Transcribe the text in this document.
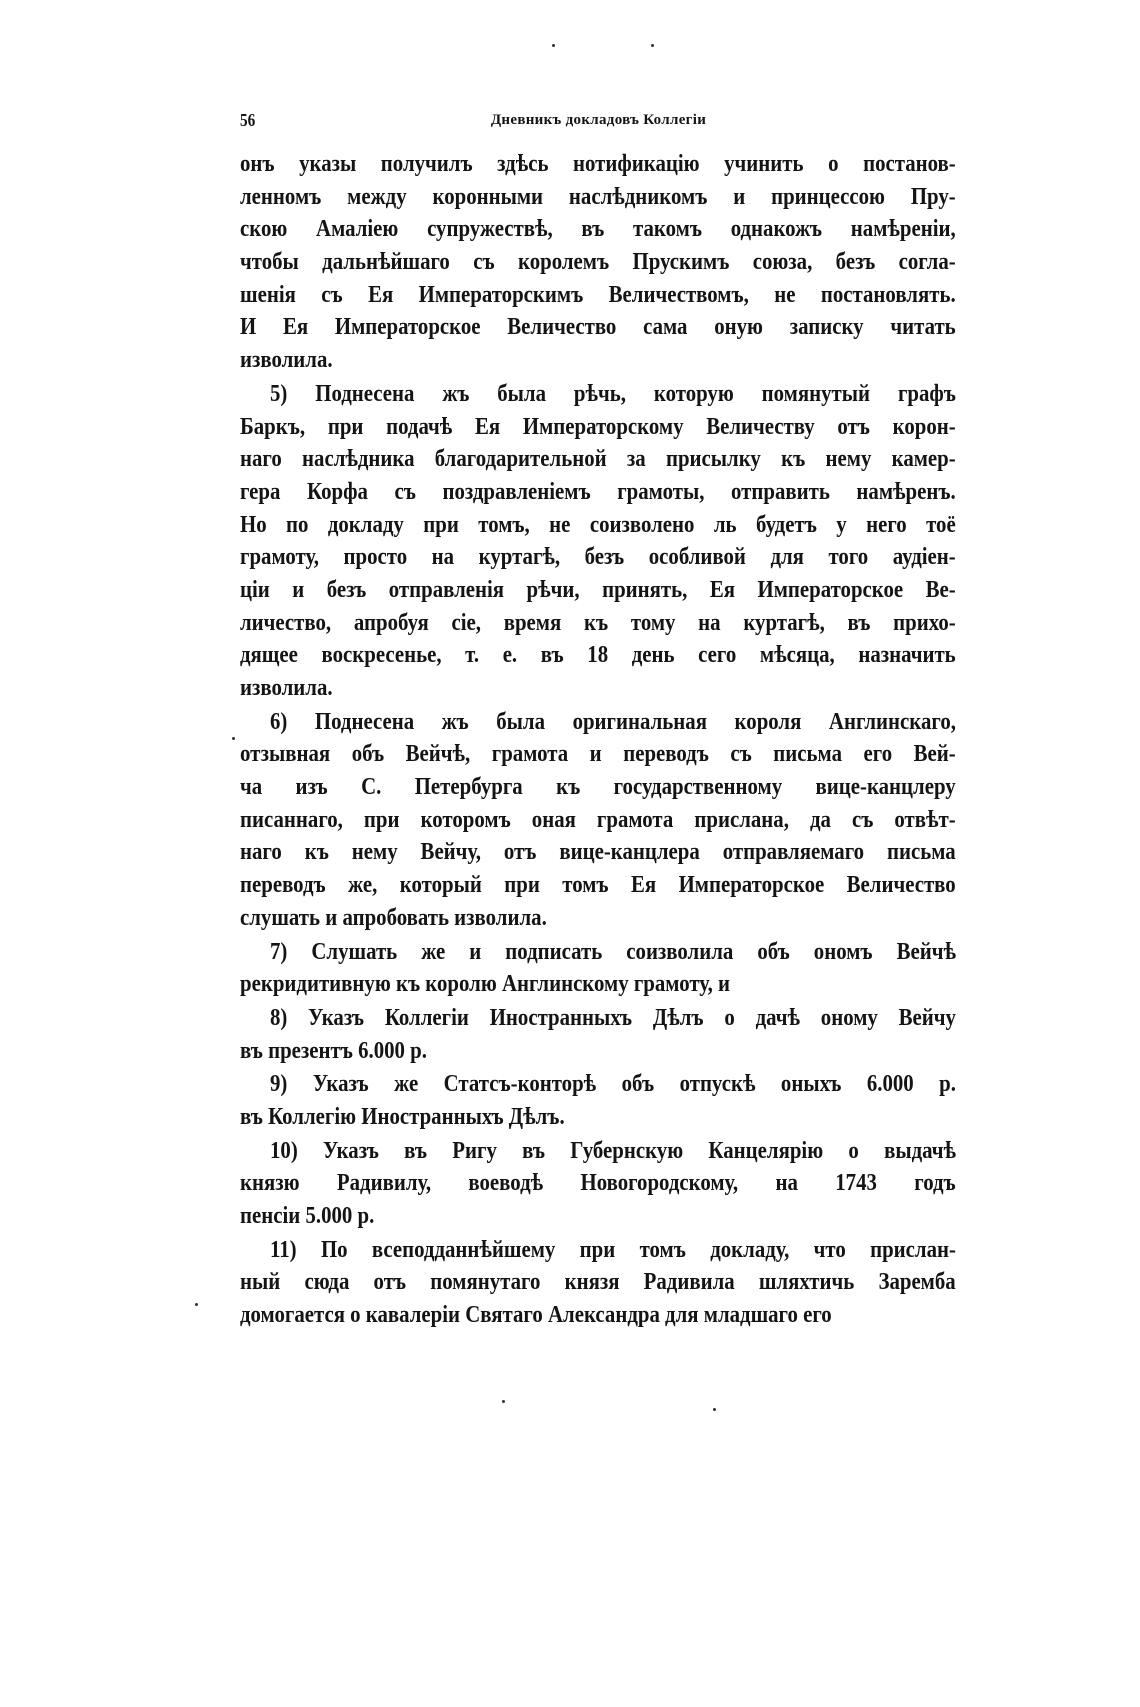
56	Дневникъ докладовъ Коллегіи
онъ указы получилъ здѣсь нотификацію учинить о постанов-
ленномъ между коронными наслѣдникомъ и принцессою Пру-
скою Амаліею супружествѣ, въ такомъ однакожъ намѣреніи,
чтобы дальнѣйшаго съ королемъ Прускимъ союза, безъ согла-
шенія съ Ея Императорскимъ Величествомъ, не постановлять.
И Ея Императорское Величество сама оную записку читать
изволила.
5) Поднесена жъ была рѣчь, которую помянутый графъ
Баркъ, при подачѣ Ея Императорскому Величеству отъ корон-
наго наслѣдника благодарительной за присылку къ нему камер-
гера Корфа съ поздравленіемъ грамоты, отправить намѣренъ.
Но по докладу при томъ, не соизволено ль будетъ у него тоё
грамоту, просто на куртагѣ, безъ особливой для того аудіен-
ціи и безъ отправленія рѣчи, принять, Ея Императорское Ве-
личество, апробуя сіе, время къ тому на куртагѣ, въ прихо-
дящее воскресенье, т. е. въ 18 день сего мѣсяца, назначить
изволила.
6) Поднесена жъ была оригинальная короля Англинскаго,
отзывная объ Вейчѣ, грамота и переводъ съ письма его Вей-
ча изъ С. Петербурга къ государственному вице-канцлеру
писаннаго, при которомъ оная грамота прислана, да съ отвѣт-
наго къ нему Вейчу, отъ вице-канцлера отправляемаго письма
переводъ же, который при томъ Ея Императорское Величество
слушать и апробовать изволила.
7) Слушать же и подписать соизволила объ ономъ Вейчѣ
рекридитивную къ королю Англинскому грамоту, и
8) Указъ Коллегіи Иностранныхъ Дѣлъ о дачѣ оному Вейчу
въ презентъ 6.000 р.
9) Указъ же Статсъ-конторѣ объ отпускѣ оныхъ 6.000 р.
въ Коллегію Иностранныхъ Дѣлъ.
10) Указъ въ Ригу въ Губернскую Канцелярію о выдачѣ
князю Радивилу, воеводѣ Новогородскому, на 1743 годъ
пенсіи 5.000 р.
11) По всеподданнѣйшему при томъ докладу, что прислан-
ный сюда отъ помянутаго князя Радивила шляхтичь Заремба
домогается о кавалеріи Святаго Александра для младшаго его
